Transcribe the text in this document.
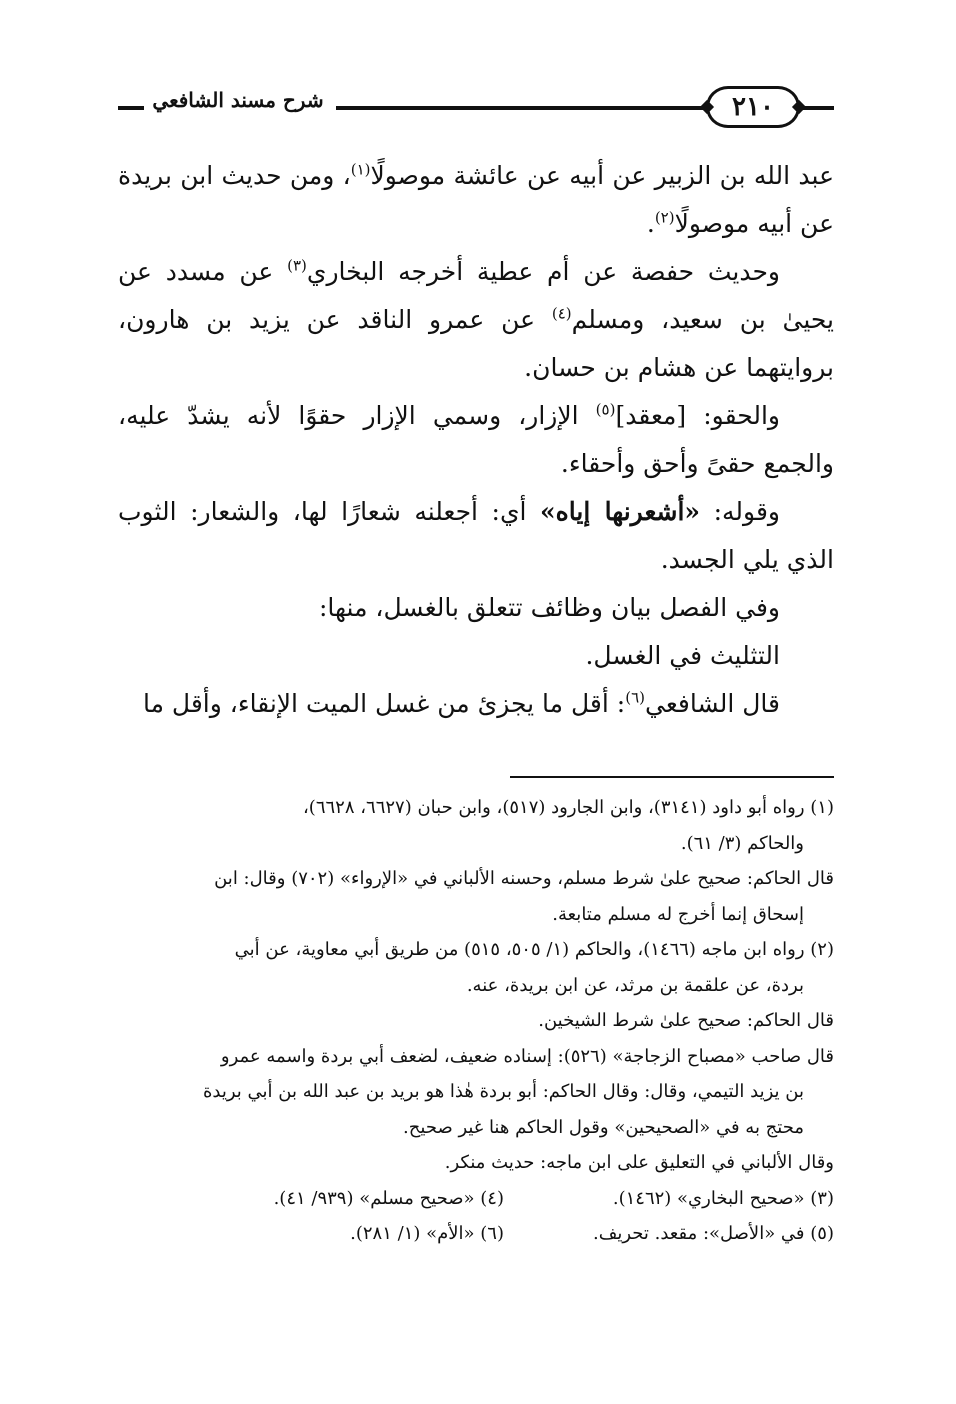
٢١٠
شرح مسند الشافعي

عبد الله بن الزبير عن أبيه عن عائشة موصولًا$^{(١)}$، ومن حديث ابن بريدة عن أبيه موصولًا$^{(٢)}$.

وحديث حفصة عن أم عطية أخرجه البخاري$^{(٣)}$ عن مسدد عن يحيىٰ بن سعيد، ومسلم$^{(٤)}$ عن عمرو الناقد عن يزيد بن هارون، بروايتهما عن هشام بن حسان.

والحقو: [معقد]$^{(٥)}$ الإزار، وسمي الإزار حقوًا لأنه يشدّ عليه، والجمع حقىً وأحق وأحقاء.

وقوله: «أشعرنها إياه» أي: أجعلنه شعارًا لها، والشعار: الثوب الذي يلي الجسد.

وفي الفصل بيان وظائف تتعلق بالغسل، منها:

التثليث في الغسل.

قال الشافعي$^{(٦)}$: أقل ما يجزئ من غسل الميت الإنقاء، وأقل ما

(١) رواه أبو داود (٣١٤١)، وابن الجارود (٥١٧)، وابن حبان (٦٦٢٧، ٦٦٢٨)،

والحاكم (٣/ ٦١).

قال الحاكم: صحيح علىٰ شرط مسلم، وحسنه الألباني في «الإرواء» (٧٠٢) وقال: ابن

إسحاق إنما أخرج له مسلم متابعة.

(٢) رواه ابن ماجه (١٤٦٦)، والحاكم (١/ ٥٠٥، ٥١٥) من طريق أبي معاوية، عن أبي

بردة، عن علقمة بن مرثد، عن ابن بريدة، عنه.

قال الحاكم: صحيح علىٰ شرط الشيخين.

قال صاحب «مصباح الزجاجة» (٥٢٦): إسناده ضعيف، لضعف أبي بردة واسمه عمرو

بن يزيد التيمي، وقال: وقال الحاكم: أبو بردة هٰذا هو بريد بن عبد الله بن أبي بريدة

محتج به في «الصحيحين» وقول الحاكم هنا غير صحيح.

وقال الألباني في التعليق على ابن ماجه: حديث منكر.

(٣) «صحيح البخاري» (١٤٦٢).
(٤) «صحيح مسلم» (٩٣٩/ ٤١).
(٥) في «الأصل»: مقعد. تحريف.
(٦) «الأم» (١/ ٢٨١).
